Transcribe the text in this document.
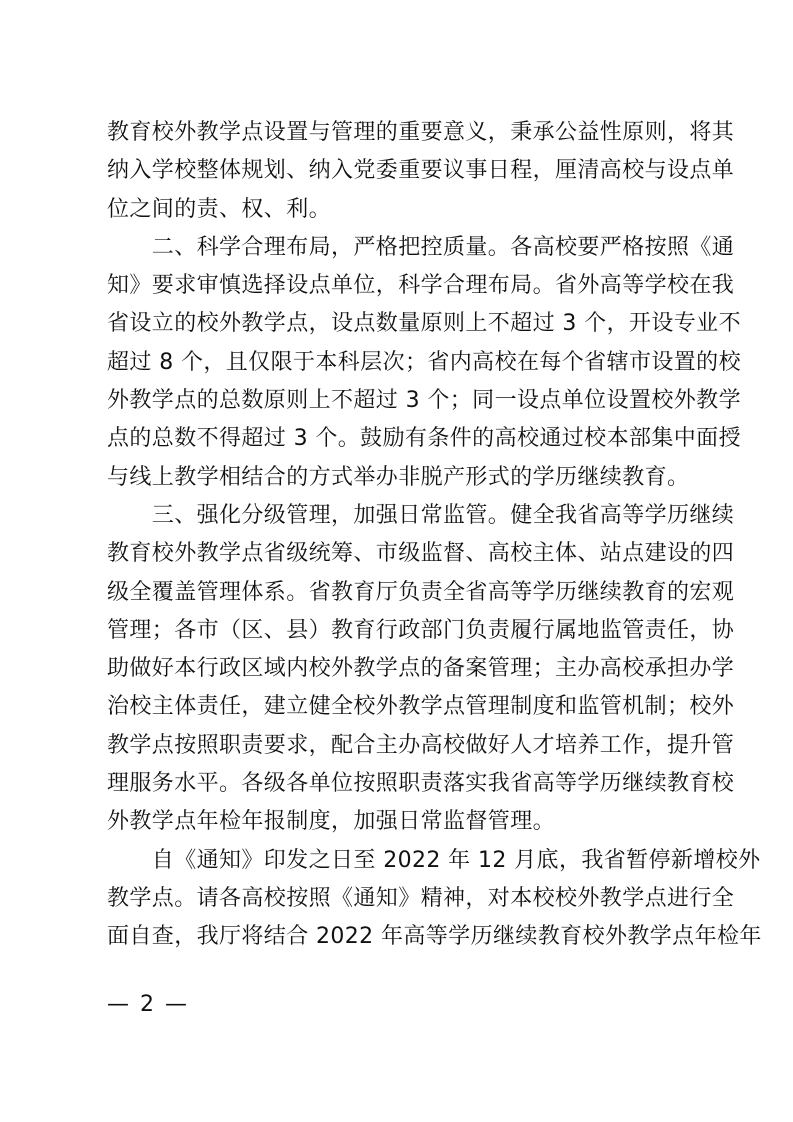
教育校外教学点设置与管理的重要意义，秉承公益性原则，将其
纳入学校整体规划、纳入党委重要议事日程，厘清高校与设点单
位之间的责、权、利。
　　二、科学合理布局，严格把控质量。各高校要严格按照《通
知》要求审慎选择设点单位，科学合理布局。省外高等学校在我
省设立的校外教学点，设点数量原则上不超过 3 个，开设专业不
超过 8 个，且仅限于本科层次；省内高校在每个省辖市设置的校
外教学点的总数原则上不超过 3 个；同一设点单位设置校外教学
点的总数不得超过 3 个。鼓励有条件的高校通过校本部集中面授
与线上教学相结合的方式举办非脱产形式的学历继续教育。
　　三、强化分级管理，加强日常监管。健全我省高等学历继续
教育校外教学点省级统筹、市级监督、高校主体、站点建设的四
级全覆盖管理体系。省教育厅负责全省高等学历继续教育的宏观
管理；各市（区、县）教育行政部门负责履行属地监管责任，协
助做好本行政区域内校外教学点的备案管理；主办高校承担办学
治校主体责任，建立健全校外教学点管理制度和监管机制；校外
教学点按照职责要求，配合主办高校做好人才培养工作，提升管
理服务水平。各级各单位按照职责落实我省高等学历继续教育校
外教学点年检年报制度，加强日常监督管理。
　　自《通知》印发之日至 2022 年 12 月底，我省暂停新增校外
教学点。请各高校按照《通知》精神，对本校校外教学点进行全
面自查，我厅将结合 2022 年高等学历继续教育校外教学点年检年
— 2 —
